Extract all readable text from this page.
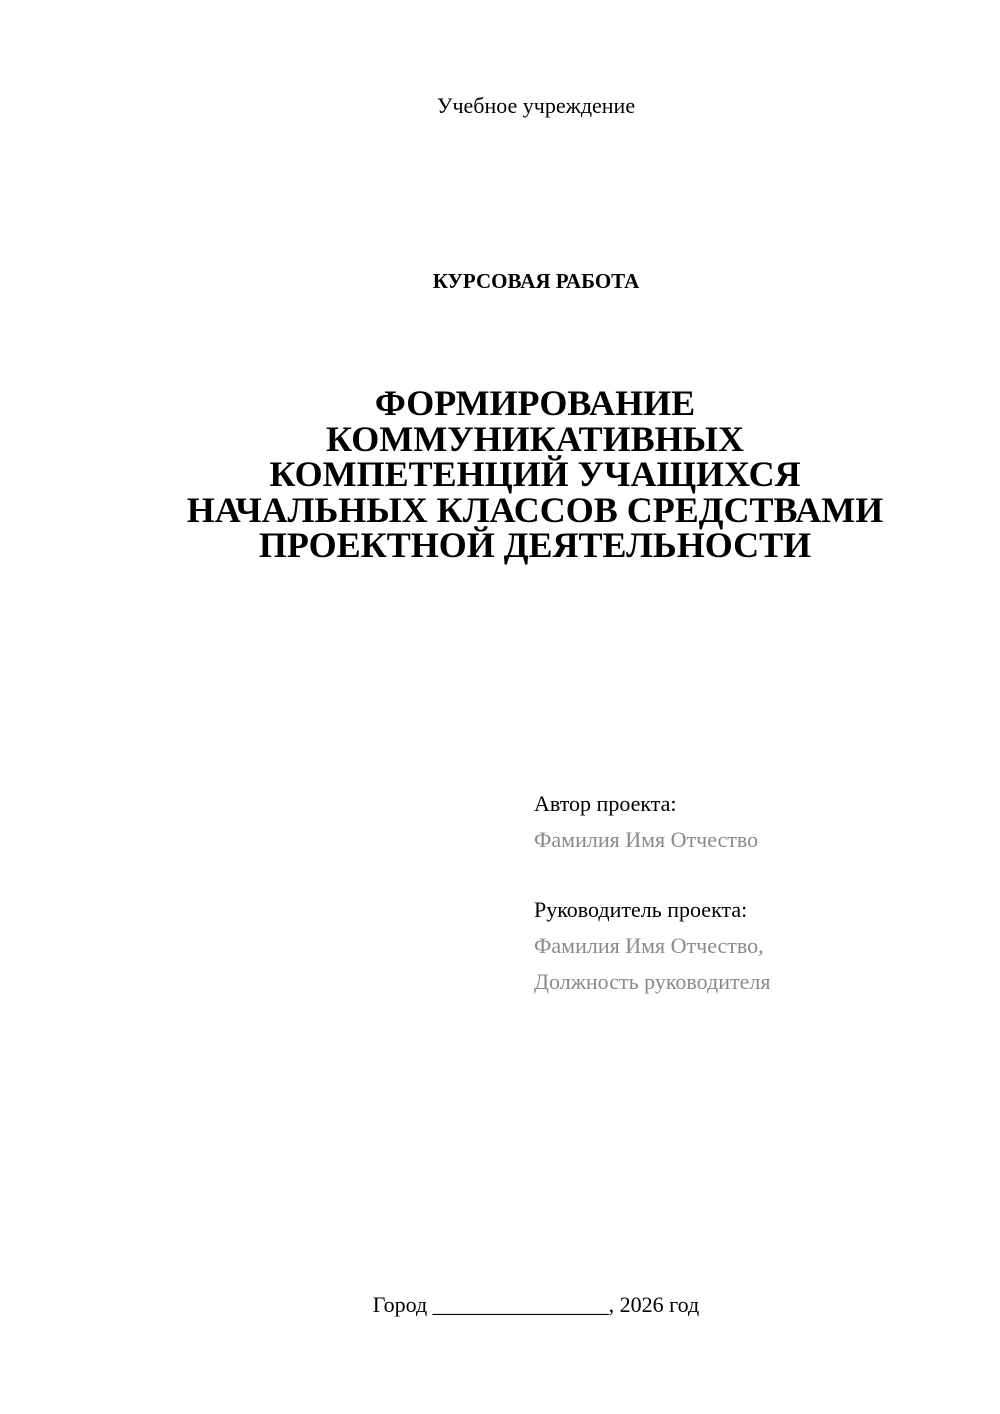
Учебное учреждение
КУРСОВАЯ РАБОТА
ФОРМИРОВАНИЕ
КОММУНИКАТИВНЫХ
КОМПЕТЕНЦИЙ УЧАЩИХСЯ
НАЧАЛЬНЫХ КЛАССОВ СРЕДСТВАМИ
ПРОЕКТНОЙ ДЕЯТЕЛЬНОСТИ
Автор проекта:
Фамилия Имя Отчество
Руководитель проекта:
Фамилия Имя Отчество,
Должность руководителя
Город ________________, 2026 год
